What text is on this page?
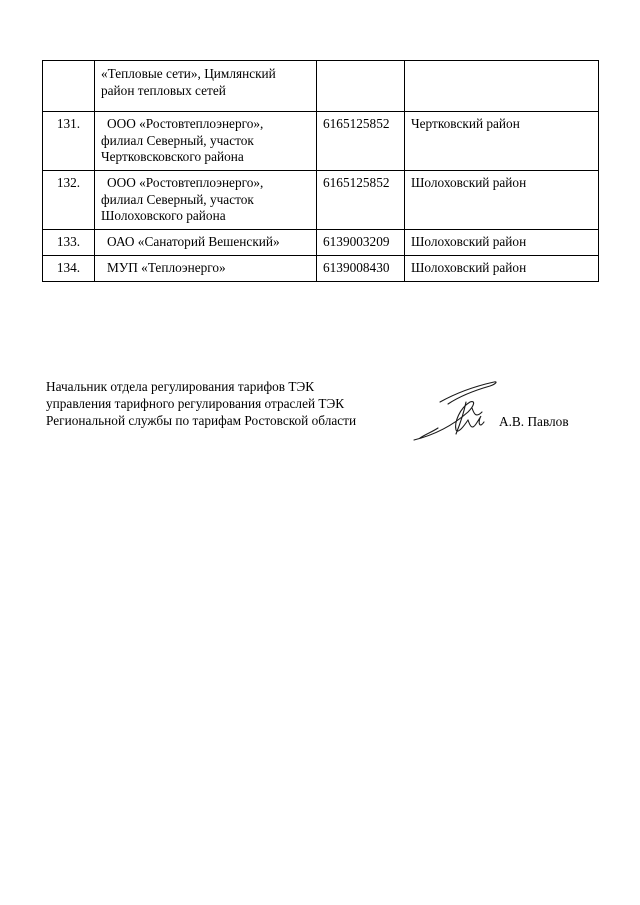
	«Тепловые сети», Цимлянский
район тепловых сетей		

131.	ООО «Ростовтеплоэнерго»,
филиал Северный, участок
Чертковсковского района	6165125852	Чертковский район
132.	ООО «Ростовтеплоэнерго»,
филиал Северный, участок
Шолоховского района	6165125852	Шолоховский район
133.	ОАО «Санаторий Вешенский»	6139003209	Шолоховский район
134.	МУП «Теплоэнерго»	6139008430	Шолоховский район
Начальник отдела регулирования тарифов ТЭК
управления тарифного регулирования отраслей ТЭК
Региональной службы по тарифам Ростовской области	А.В. Павлов
